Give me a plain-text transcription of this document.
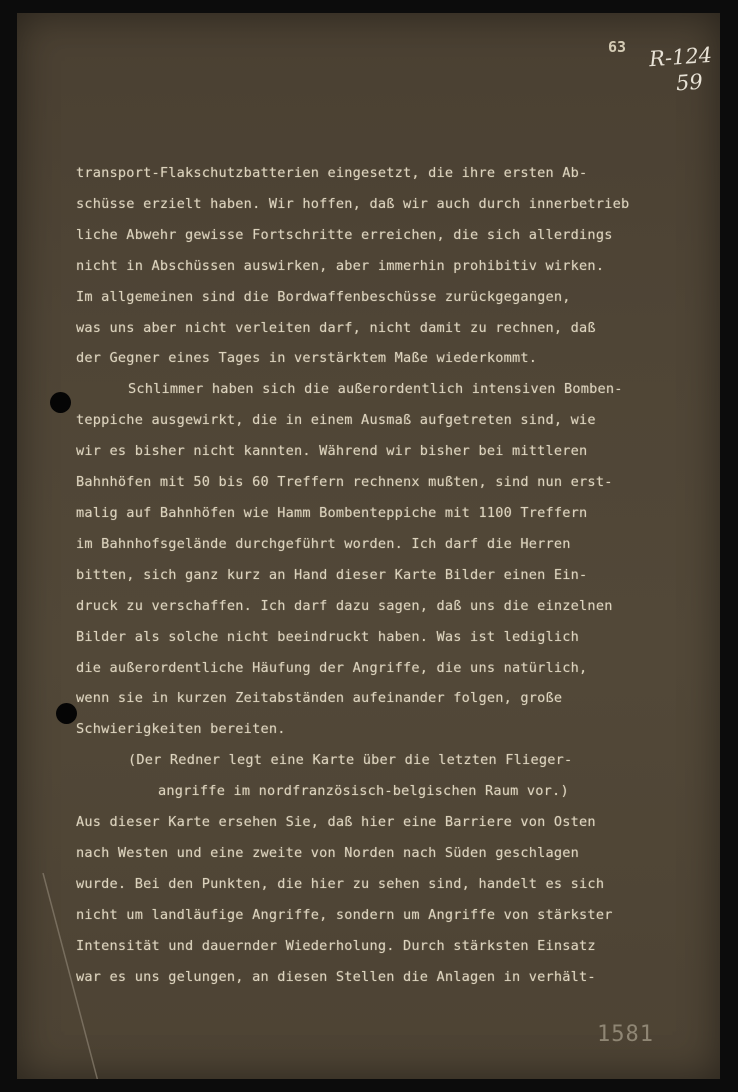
63 R-124
59
transport-Flakschutzbatterien eingesetzt, die ihre ersten Ab-
schüsse erzielt haben. Wir hoffen, daß wir auch durch innerbetrieb
liche Abwehr gewisse Fortschritte erreichen, die sich allerdings
nicht in Abschüssen auswirken, aber immerhin prohibitiv wirken.
Im allgemeinen sind die Bordwaffenbeschüsse zurückgegangen,
was uns aber nicht verleiten darf, nicht damit zu rechnen, daß
der Gegner eines Tages in verstärktem Maße wiederkommt.
Schlimmer haben sich die außerordentlich intensiven Bomben-
teppiche ausgewirkt, die in einem Ausmaß aufgetreten sind, wie
wir es bisher nicht kannten. Während wir bisher bei mittleren
Bahnhöfen mit 50 bis 60 Treffern rechnenx mußten, sind nun erst-
malig auf Bahnhöfen wie Hamm Bombenteppiche mit 1100 Treffern
im Bahnhofsgelände durchgeführt worden. Ich darf die Herren
bitten, sich ganz kurz an Hand dieser Karte Bilder einen Ein-
druck zu verschaffen. Ich darf dazu sagen, daß uns die einzelnen
Bilder als solche nicht beeindruckt haben. Was ist lediglich
die außerordentliche Häufung der Angriffe, die uns natürlich,
wenn sie in kurzen Zeitabständen aufeinander folgen, große
Schwierigkeiten bereiten.
(Der Redner legt eine Karte über die letzten Flieger-
angriffe im nordfranzösisch-belgischen Raum vor.)
Aus dieser Karte ersehen Sie, daß hier eine Barriere von Osten
nach Westen und eine zweite von Norden nach Süden geschlagen
wurde. Bei den Punkten, die hier zu sehen sind, handelt es sich
nicht um landläufige Angriffe, sondern um Angriffe von stärkster
Intensität und dauernder Wiederholung. Durch stärksten Einsatz
war es uns gelungen, an diesen Stellen die Anlagen in verhält-
1581
